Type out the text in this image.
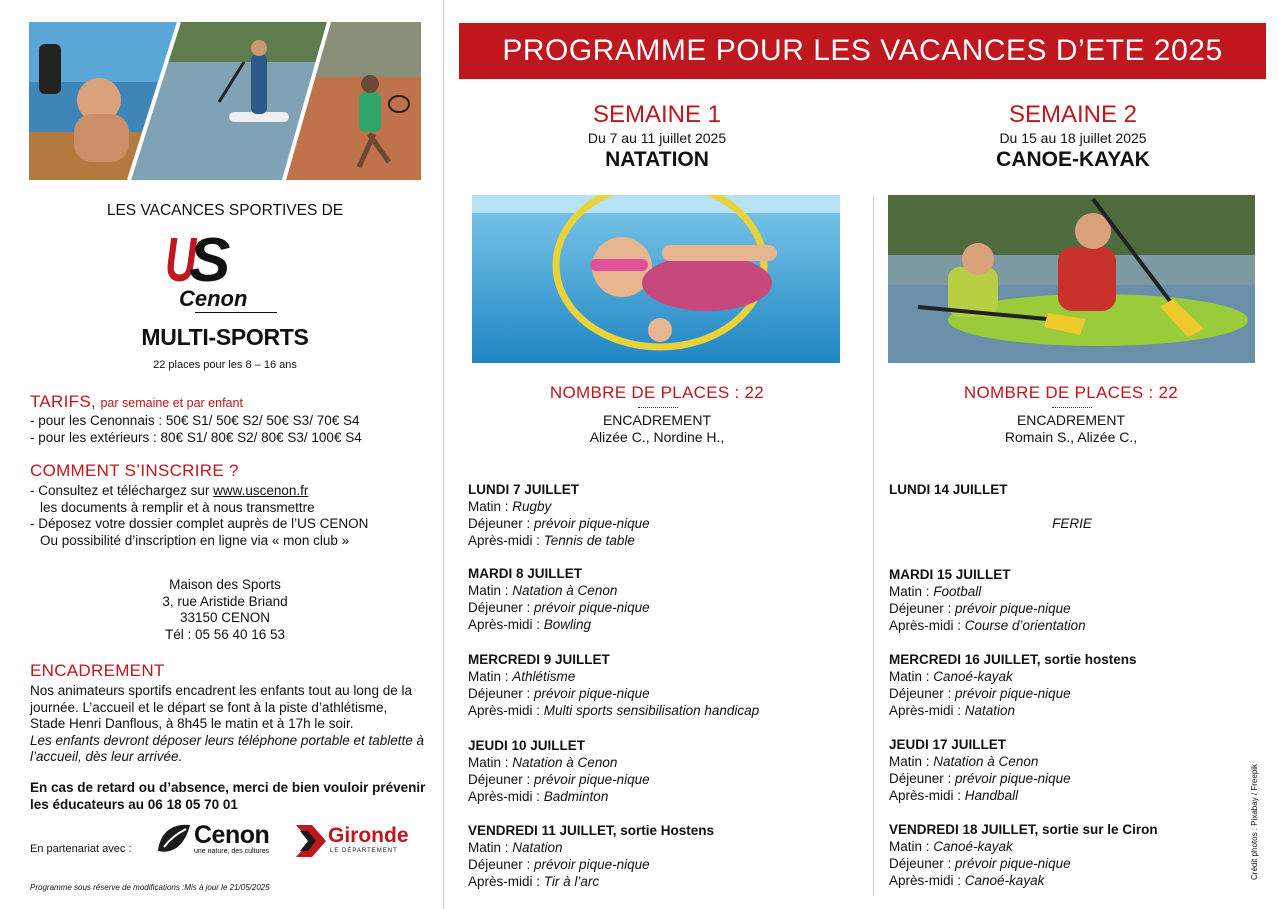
LES VACANCES SPORTIVES DE
U
S
Cenon
MULTI-SPORTS
22 places pour les 8 – 16 ans
TARIFS, par semaine et par enfant
- pour les Cenonnais : 50€ S1/ 50€ S2/ 50€ S3/ 70€ S4
- pour les extérieurs : 80€ S1/ 80€ S2/ 80€ S3/ 100€ S4
COMMENT S’INSCRIRE ?
- Consultez et téléchargez sur www.uscenon.fr
les documents à remplir et à nous transmettre
- Déposez votre dossier complet auprès de l’US CENON
Ou possibilité d’inscription en ligne via « mon club »
Maison des Sports
3, rue Aristide Briand
33150 CENON
Tél : 05 56 40 16 53
ENCADREMENT
Nos animateurs sportifs encadrent les enfants tout au long de la
journée. L’accueil et le départ se font à la piste d’athlétisme,
Stade Henri Danflous, à 8h45 le matin et à 17h le soir.
Les enfants devront déposer leurs téléphone portable et tablette à
l’accueil, dès leur arrivée.
En cas de retard ou d’absence, merci de bien vouloir prévenir
les éducateurs au 06 18 05 70 01
En partenariat avec : Cenon
une nature, des cultures
Gironde
LE DÉPARTEMENT
Programme sous réserve de modifications :Mis à jour le 21/05/2025
PROGRAMME POUR LES VACANCES D’ETE 2025
SEMAINE 1
Du 7 au 11 juillet 2025
NATATION
SEMAINE 2
Du 15 au 18 juillet 2025
CANOE-KAYAK
NOMBRE DE PLACES : 22
ENCADREMENT
Alizée C., Nordine H.,
NOMBRE DE PLACES : 22
ENCADREMENT
Romain S., Alizée C.,
LUNDI 7 JUILLET
Matin : Rugby
Déjeuner : prévoir pique-nique
Après-midi : Tennis de table
MARDI 8 JUILLET
Matin : Natation à Cenon
Déjeuner : prévoir pique-nique
Après-midi : Bowling
MERCREDI 9 JUILLET
Matin : Athlétisme
Déjeuner : prévoir pique-nique
Après-midi : Multi sports sensibilisation handicap
JEUDI 10 JUILLET
Matin : Natation à Cenon
Déjeuner : prévoir pique-nique
Après-midi : Badminton
VENDREDI 11 JUILLET, sortie Hostens
Matin : Natation
Déjeuner : prévoir pique-nique
Après-midi : Tir à l’arc
LUNDI 14 JUILLET
FERIE
MARDI 15 JUILLET
Matin : Football
Déjeuner : prévoir pique-nique
Après-midi : Course d’orientation
MERCREDI 16 JUILLET, sortie hostens
Matin : Canoé-kayak
Déjeuner : prévoir pique-nique
Après-midi : Natation
JEUDI 17 JUILLET
Matin : Natation à Cenon
Déjeuner : prévoir pique-nique
Après-midi : Handball
VENDREDI 18 JUILLET, sortie sur le Ciron
Matin : Canoé-kayak
Déjeuner : prévoir pique-nique
Après-midi : Canoé-kayak
Crédit photos : Pixabay / Freepik
